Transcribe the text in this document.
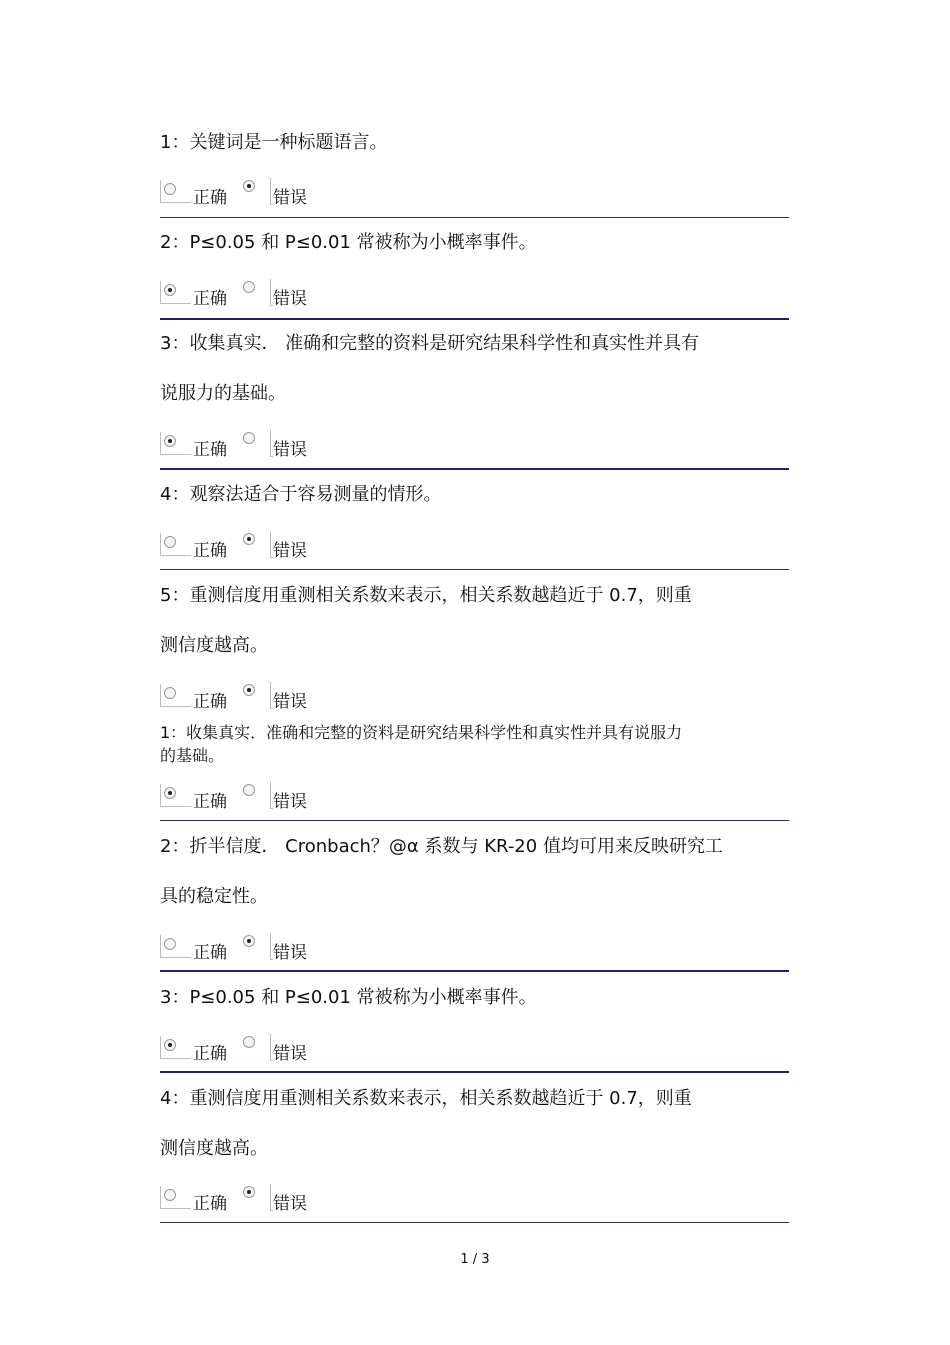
1：关键词是一种标题语言。
正确	错误
2：P≤0.05 和 P≤0.01 常被称为小概率事件。
正确	错误
3：收集真实． 准确和完整的资料是研究结果科学性和真实性并具有
说服力的基础。
正确	错误
4：观察法适合于容易测量的情形。
正确	错误
5：重测信度用重测相关系数来表示，相关系数越趋近于 0.7，则重
测信度越高。
正确	错误
1：收集真实．准确和完整的资料是研究结果科学性和真实性并具有说服力
的基础。
正确	错误
2：折半信度． Cronbach？@α 系数与 KR-20 值均可用来反映研究工
具的稳定性。
正确	错误
3：P≤0.05 和 P≤0.01 常被称为小概率事件。
正确	错误
4：重测信度用重测相关系数来表示，相关系数越趋近于 0.7，则重
测信度越高。
正确	错误
1 / 3
